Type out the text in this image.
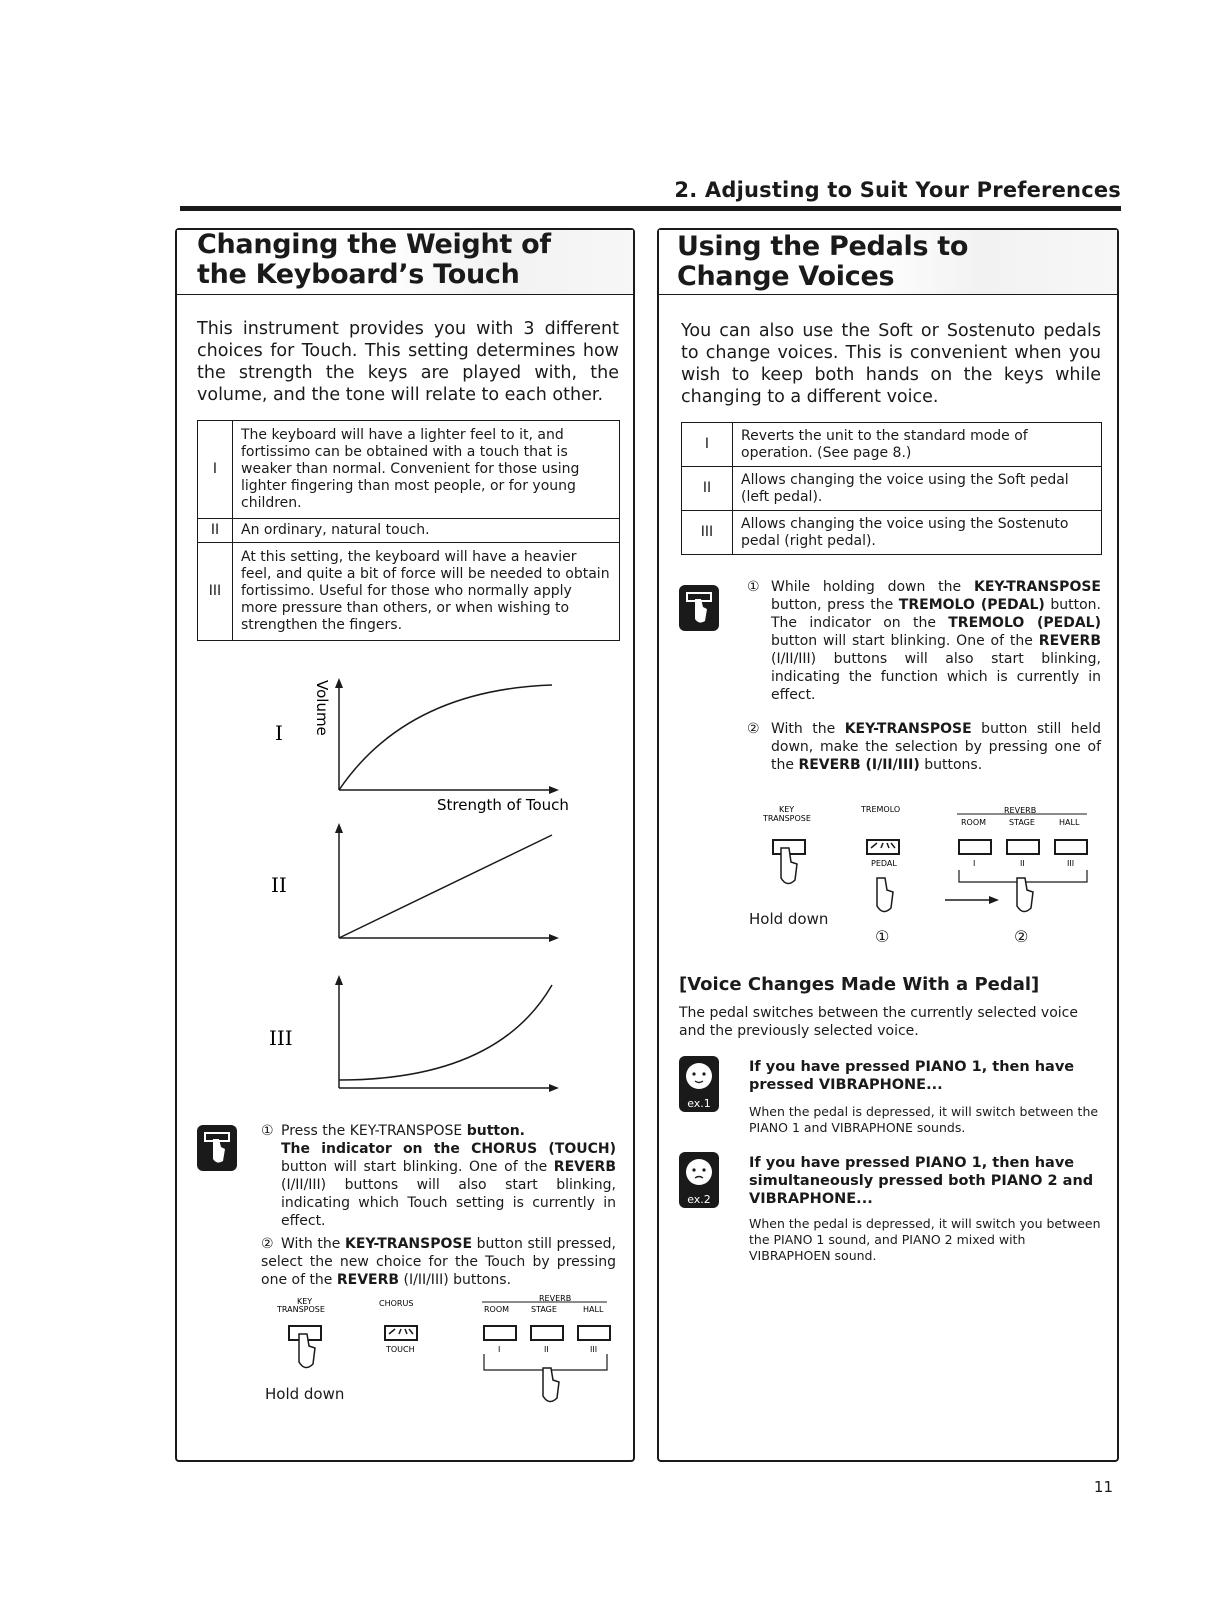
2. Adjusting to Suit Your Preferences
Changing the Weight of
the Keyboard’s Touch
This instrument provides you with 3 different choices for Touch. This setting determines how the strength the keys are played with, the volume, and the tone will relate to each other.
I	The keyboard will have a lighter feel to it, and fortissimo can be obtained with a touch that is weaker than normal. Convenient for those using lighter fingering than most people, or for young children.
II	An ordinary, natural touch.
III	At this setting, the keyboard will have a heavier feel, and quite a bit of force will be needed to obtain fortissimo. Useful for those who normally apply more pressure than others, or when wishing to strengthen the fingers.
Volume
I
Strength of Touch
II
III
① Press the KEY-TRANSPOSE button.

The indicator on the CHORUS (TOUCH) button will start blinking. One of the REVERB (I/II/III) buttons will also start blinking, indicating which Touch setting is currently in effect.
② With the KEY-TRANSPOSE button still pressed, select the new choice for the Touch by pressing one of the REVERB (I/II/III) buttons.
KEY
TRANSPOSE
CHORUS
REVERB
ROOM	STAGE	HALL
TOUCH	I	II	III
Hold down
Using the Pedals to
Change Voices
You can also use the Soft or Sostenuto pedals to change voices. This is convenient when you wish to keep both hands on the keys while changing to a different voice.
I	Reverts the unit to the standard mode of operation. (See page 8.)
II	Allows changing the voice using the Soft pedal (left pedal).
III	Allows changing the voice using the Sostenuto pedal (right pedal).
① While holding down the KEY-TRANSPOSE button, press the TREMOLO (PEDAL) button. The indicator on the TREMOLO (PEDAL) button will start blinking. One of the REVERB (I/II/III) buttons will also start blinking, indicating the function which is currently in effect.
② With the KEY-TRANSPOSE button still held down, make the selection by pressing one of the REVERB (I/II/III) buttons.
KEY
TRANSPOSE
TREMOLO	REVERB
ROOM	STAGE	HALL
PEDAL	I	II	III
Hold down
①	②
[Voice Changes Made With a Pedal]
The pedal switches between the currently selected voice and the previously selected voice.
ex.1
If you have pressed PIANO 1, then have pressed VIBRAPHONE...
When the pedal is depressed, it will switch between the PIANO 1 and VIBRAPHONE sounds.
ex.2
If you have pressed PIANO 1, then have simultaneously pressed both PIANO 2 and VIBRAPHONE...
When the pedal is depressed, it will switch you between the PIANO 1 sound, and PIANO 2 mixed with VIBRAPHOEN sound.
11
